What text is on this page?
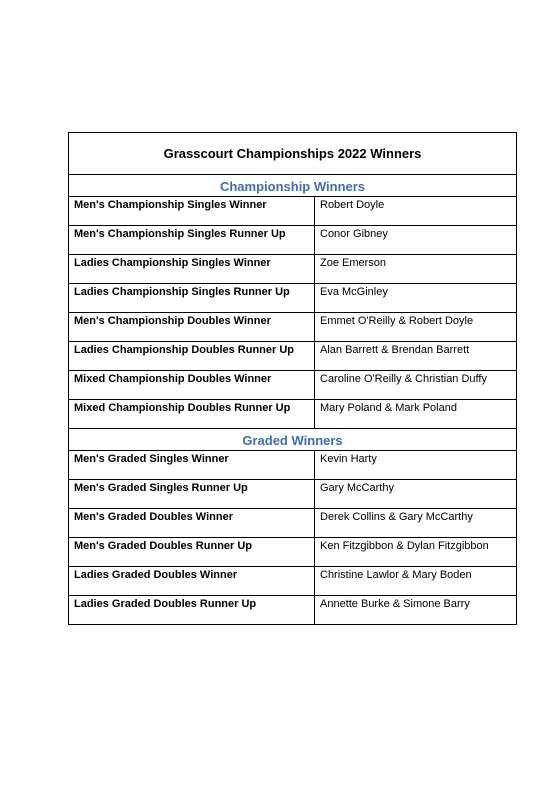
Grasscourt Championships 2022 Winners	
Championship Winners	
Men's Championship Singles Winner	Robert Doyle
Men's Championship Singles Runner Up	Conor Gibney
Ladies Championship Singles Winner	Zoe Emerson
Ladies Championship Singles Runner Up	Eva McGinley
Men's Championship Doubles Winner	Emmet O'Reilly & Robert Doyle
Ladies Championship Doubles Runner Up	Alan Barrett & Brendan Barrett
Mixed Championship Doubles Winner	Caroline O'Reilly & Christian Duffy
Mixed Championship Doubles Runner Up	Mary Poland & Mark Poland
Graded Winners	
Men's Graded Singles Winner	Kevin Harty
Men's Graded Singles Runner Up	Gary McCarthy
Men's Graded Doubles Winner	Derek Collins & Gary McCarthy
Men's Graded Doubles Runner Up	Ken Fitzgibbon & Dylan Fitzgibbon
Ladies Graded Doubles Winner	Christine Lawlor & Mary Boden
Ladies Graded Doubles Runner Up	Annette Burke & Simone Barry
